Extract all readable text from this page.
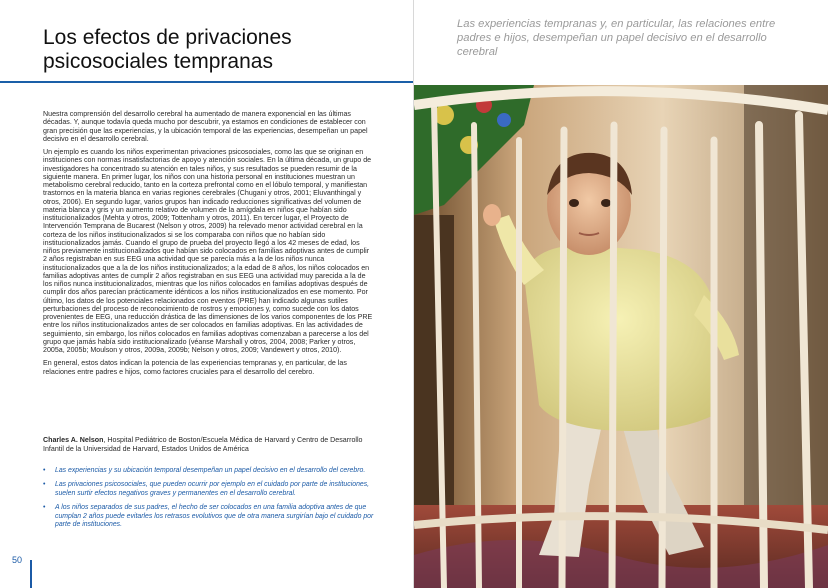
Los efectos de privaciones
psicosociales tempranas

Nuestra comprensión del desarrollo cerebral ha aumentado de manera exponencial en las últimas décadas. Y, aunque todavía queda mucho por descubrir, ya estamos en condiciones de establecer con gran precisión que las experiencias, y la ubicación temporal de las experiencias, desempeñan un papel decisivo en el desarrollo cerebral.

Un ejemplo es cuando los niños experimentan privaciones psicosociales, como las que se originan en instituciones con normas insatisfactorias de apoyo y atención sociales. En la última década, un grupo de investigadores ha concentrado su atención en tales niños, y sus resultados se pueden resumir de la siguiente manera. En primer lugar, los niños con una historia personal en instituciones muestran un metabolismo cerebral reducido, tanto en la corteza prefrontal como en el lóbulo temporal, y manifiestan trastornos en la materia blanca en varias regiones cerebrales (Chugani y otros, 2001; Eluvanthingal y otros, 2006). En segundo lugar, varios grupos han indicado reducciones significativas del volumen de materia blanca y gris y un aumento relativo de volumen de la amígdala en niños que habían sido institucionalizados (Mehta y otros, 2009; Tottenham y otros, 2011). En tercer lugar, el Proyecto de Intervención Temprana de Bucarest (Nelson y otros, 2009) ha relevado menor actividad cerebral en la corteza de los niños institucionalizados si se los comparaba con niños que no habían sido institucionalizados jamás. Cuando el grupo de prueba del proyecto llegó a los 42 meses de edad, los niños previamente institucionalizados que habían sido colocados en familias adoptivas antes de cumplir 2 años registraban en sus EEG una actividad que se parecía más a la de los niños nunca institucionalizados que a la de los niños institucionalizados; a la edad de 8 años, los niños colocados en familias adoptivas antes de cumplir 2 años registraban en sus EEG una actividad muy parecida a la de los niños nunca institucionalizados, mientras que los niños colocados en familias adoptivas después de cumplir dos años parecían prácticamente idénticos a los niños institucionalizados en ese momento. Por último, los datos de los potenciales relacionados con eventos (PRE) han indicado algunas sutiles perturbaciones del proceso de reconocimiento de rostros y emociones y, como sucede con los datos provenientes de EEG, una reducción drástica de las dimensiones de los varios componentes de los PRE entre los niños institucionalizados antes de ser colocados en familias adoptivas. En las actividades de seguimiento, sin embargo, los niños colocados en familias adoptivas comenzaban a parecerse a los del grupo que jamás había sido institucionalizado (véanse Marshall y otros, 2004, 2008; Parker y otros, 2005a, 2005b; Moulson y otros, 2009a, 2009b; Nelson y otros, 2009; Vandewert y otros, 2010).

En general, estos datos indican la potencia de las experiencias tempranas y, en particular, de las relaciones entre padres e hijos, como factores cruciales para el desarrollo del cerebro.

Charles A. Nelson, Hospital Pediátrico de Boston/Escuela Médica de Harvard y Centro de Desarrollo Infantil de la Universidad de Harvard, Estados Unidos de América
• Las experiencias y su ubicación temporal desempeñan un papel decisivo en el desarrollo del cerebro.
• Las privaciones psicosociales, que pueden ocurrir por ejemplo en el cuidado por parte de instituciones, suelen surtir efectos negativos graves y permanentes en el desarrollo cerebral.
• A los niños separados de sus padres, el hecho de ser colocados en una familia adoptiva antes de que cumplan 2 años puede evitarles los retrasos evolutivos que de otra manera surgirían bajo el cuidado por parte de instituciones.
50
Las experiencias tempranas y, en particular, las relaciones entre padres e hijos, desempeñan un papel decisivo en el desarrollo cerebral
